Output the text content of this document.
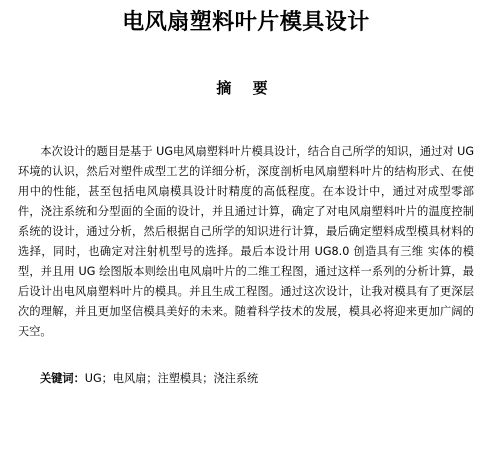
电风扇塑料叶片模具设计
摘 要
本次设计的题目是基于 UG电风扇塑料叶片模具设计，结合自己所学的知识，通过对 UG 环境的认识，然后对塑件成型工艺的详细分析，深度剖析电风扇塑料叶片的结构形式、在使用中的性能，甚至包括电风扇模具设计时精度的高低程度。在本设计中，通过对成型零部件，浇注系统和分型面的全面的设计，并且通过计算，确定了对电风扇塑料叶片的温度控制系统的设计，通过分析，然后根据自己所学的知识进行计算，最后确定塑料成型模具材料的选择，同时，也确定对注射机型号的选择。最后本设计用 UG8.0 创造具有三维 实体的模型，并且用 UG 绘图版本则绘出电风扇叶片的二维工程图，通过这样一系列的分析计算，最后设计出电风扇塑料叶片的模具。并且生成工程图。通过这次设计，让我对模具有了更深层次的理解，并且更加坚信模具美好的未来。随着科学技术的发展，模具必将迎来更加广阔的天空。
关键词：UG；电风扇；注塑模具；浇注系统
